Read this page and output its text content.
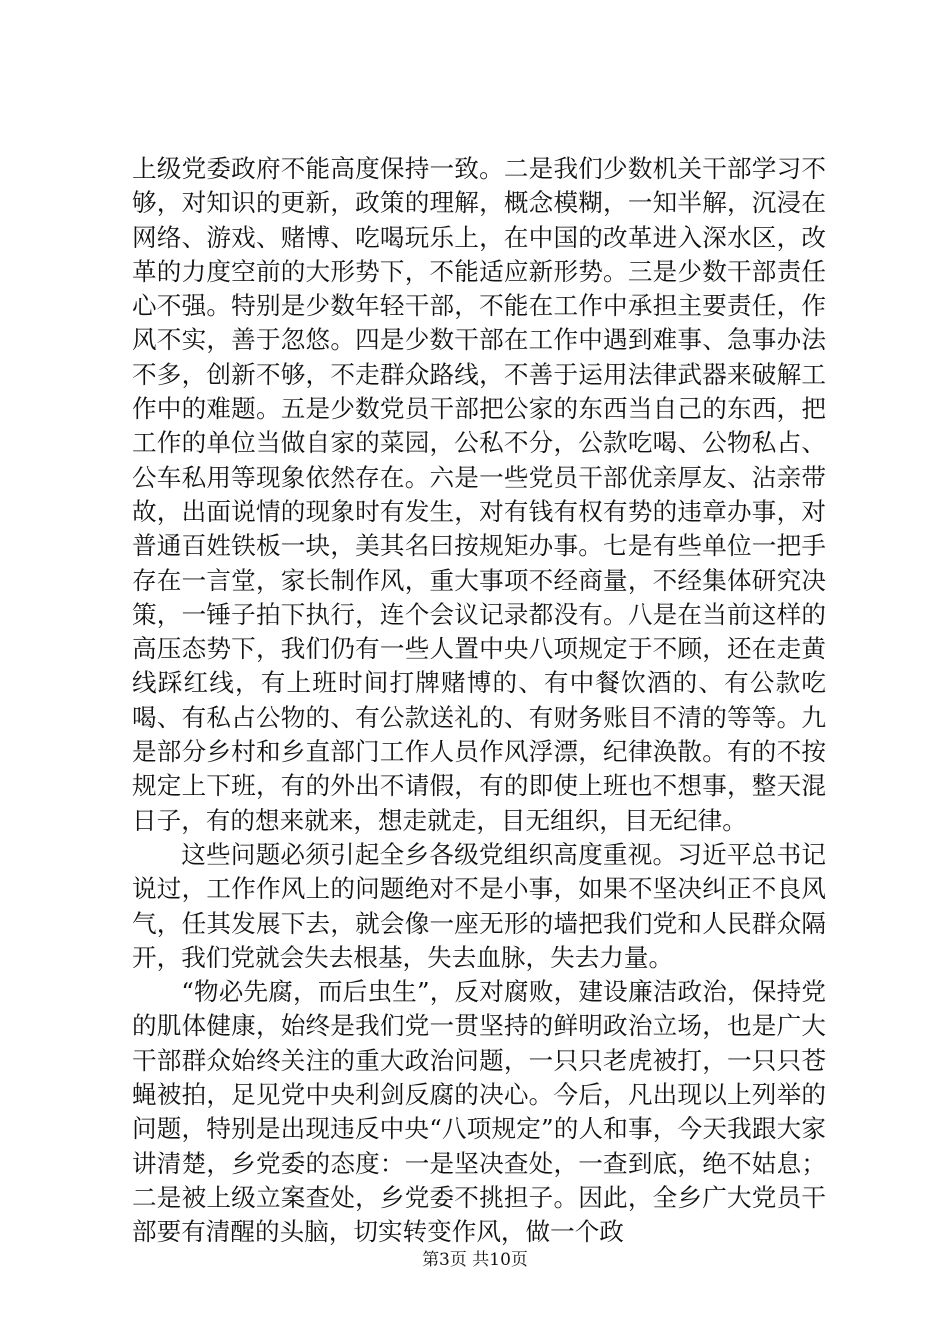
上级党委政府不能高度保持一致。二是我们少数机关干部学习不够，对知识的更新，政策的理解，概念模糊，一知半解，沉浸在网络、游戏、赌博、吃喝玩乐上，在中国的改革进入深水区，改革的力度空前的大形势下，不能适应新形势。三是少数干部责任心不强。特别是少数年轻干部，不能在工作中承担主要责任，作风不实，善于忽悠。四是少数干部在工作中遇到难事、急事办法不多，创新不够，不走群众路线，不善于运用法律武器来破解工作中的难题。五是少数党员干部把公家的东西当自己的东西，把工作的单位当做自家的菜园，公私不分，公款吃喝、公物私占、公车私用等现象依然存在。六是一些党员干部优亲厚友、沾亲带故，出面说情的现象时有发生，对有钱有权有势的违章办事，对普通百姓铁板一块，美其名曰按规矩办事。七是有些单位一把手存在一言堂，家长制作风，重大事项不经商量，不经集体研究决策，一锤子拍下执行，连个会议记录都没有。八是在当前这样的高压态势下，我们仍有一些人置中央八项规定于不顾，还在走黄线踩红线，有上班时间打牌赌博的、有中餐饮酒的、有公款吃喝、有私占公物的、有公款送礼的、有财务账目不清的等等。九是部分乡村和乡直部门工作人员作风浮漂，纪律涣散。有的不按规定上下班，有的外出不请假，有的即使上班也不想事，整天混日子，有的想来就来，想走就走，目无组织，目无纪律。

这些问题必须引起全乡各级党组织高度重视。习近平总书记说过，工作作风上的问题绝对不是小事，如果不坚决纠正不良风气，任其发展下去，就会像一座无形的墙把我们党和人民群众隔开，我们党就会失去根基，失去血脉，失去力量。

“物必先腐，而后虫生”，反对腐败，建设廉洁政治，保持党的肌体健康，始终是我们党一贯坚持的鲜明政治立场，也是广大干部群众始终关注的重大政治问题，一只只老虎被打，一只只苍蝇被拍，足见党中央利剑反腐的决心。今后，凡出现以上列举的问题，特别是出现违反中央“八项规定”的人和事，今天我跟大家讲清楚，乡党委的态度：一是坚决查处，一查到底，绝不姑息；二是被上级立案查处，乡党委不挑担子。因此，全乡广大党员干部要有清醒的头脑，切实转变作风，做一个政

第3页 共10页
